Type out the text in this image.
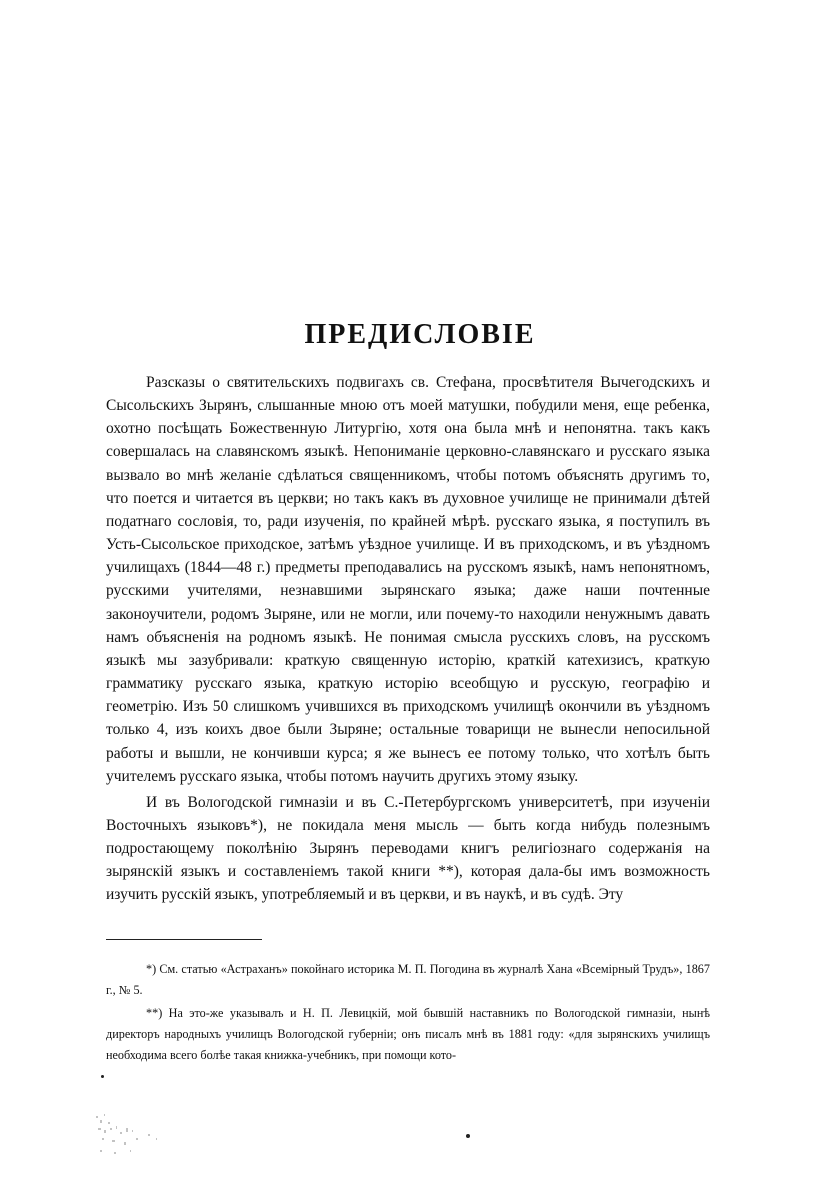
ПРЕДИСЛОВІЕ

Разсказы о святительскихъ подвигахъ св. Стефана, просвѣтителя Вычегодскихъ и Сысольскихъ Зырянъ, слышанные мною отъ моей матушки, побудили меня, еще ребенка, охотно посѣщать Божественную Литургію, хотя она была мнѣ и непонятна. такъ какъ совершалась на славянскомъ языкѣ. Непониманіе церковно-славянскаго и русскаго языка вызвало во мнѣ желаніе сдѣлаться священникомъ, чтобы потомъ объяснять другимъ то, что поется и читается въ церкви; но такъ какъ въ духовное училище не принимали дѣтей податнаго сословія, то, ради изученія, по крайней мѣрѣ. русскаго языка, я поступилъ въ Усть-Сысольское приходское, затѣмъ уѣздное училище. И въ приходскомъ, и въ уѣздномъ училищахъ (1844—48 г.) предметы преподавались на русскомъ языкѣ, намъ непонятномъ, русскими учителями, незнавшими зырянскаго языка; даже наши почтенные законоучители, родомъ Зыряне, или не могли, или почему-то находили ненужнымъ давать намъ объясненія на родномъ языкѣ. Не понимая смысла русскихъ словъ, на русскомъ языкѣ мы зазубривали: краткую священную исторію, краткій катехизисъ, краткую грамматику русскаго языка, краткую исторію всеобщую и русскую, географію и геометрію. Изъ 50 слишкомъ учившихся въ приходскомъ училищѣ окончили въ уѣздномъ только 4, изъ коихъ двое были Зыряне; остальные товарищи не вынесли непосильной работы и вышли, не кончивши курса; я же вынесъ ее потому только, что хотѣлъ быть учителемъ русскаго языка, чтобы потомъ научить другихъ этому языку.

И въ Вологодской гимназіи и въ С.-Петербургскомъ университетѣ, при изученіи Восточныхъ языковъ*), не покидала меня мысль — быть когда нибудь полезнымъ подростающему поколѣнію Зырянъ переводами книгъ религіознаго содержанія на зырянскій языкъ и составленіемъ такой книги **), которая дала-бы имъ возможность изучить русскій языкъ, употребляемый и въ церкви, и въ наукѣ, и въ судѣ. Эту

*) См. статью «Астраханъ» покойнаго историка М. П. Погодина въ журналѣ Хана «Всемірный Трудъ», 1867 г., № 5.

**) На это-же указывалъ и Н. П. Левицкій, мой бывшій наставникъ по Вологодской гимназіи, нынѣ директоръ народныхъ училищъ Вологодской губерніи; онъ писалъ мнѣ въ 1881 году: «для зырянскихъ училищъ необходима всего болѣе такая книжка-учебникъ, при помощи кото-
